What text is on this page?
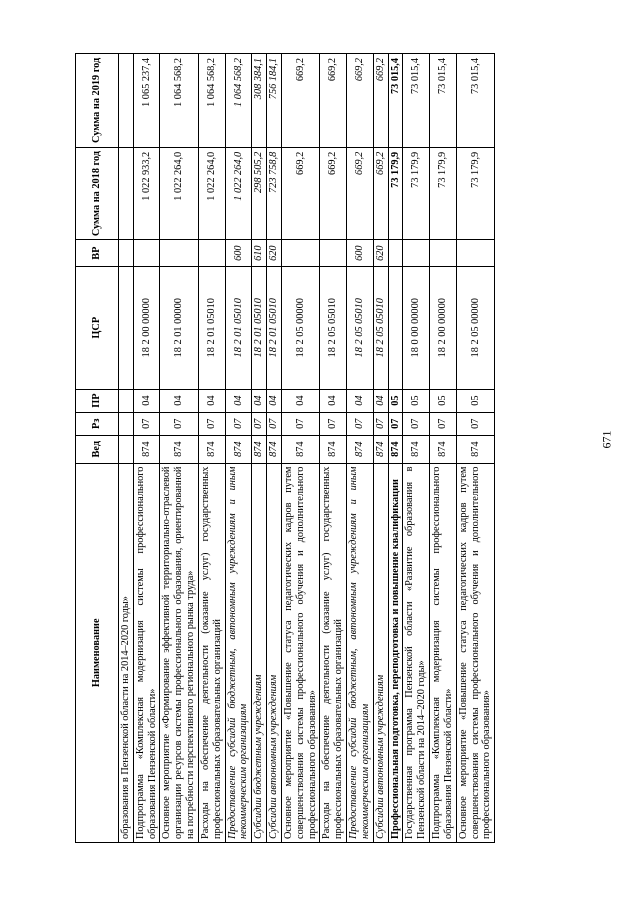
671
Наименование	Вед	Рз	ПР	ЦСР	ВР	Сумма на 2018 год	Сумма на 2019 год
образования в Пензенской области на 2014–2020 годы»							
Подпрограмма «Комплексная модернизация системы профессионального образования Пензенской области»	874	07	04	18 2 00 00000		1 022 933,2	1 065 237,4
Основное мероприятие «Формирование эффективной территориально-отраслевой организации ресурсов системы профессионального образования, ориентированной на потребности перспективного регионального рынка труда»	874	07	04	18 2 01 00000		1 022 264,0	1 064 568,2
Расходы на обеспечение деятельности (оказание услуг) государственных профессиональных образовательных организаций	874	07	04	18 2 01 05010		1 022 264,0	1 064 568,2
Предоставление субсидий бюджетным, автономным учреждениям и иным некоммерческим организациям	874	07	04	18 2 01 05010	600	1 022 264,0	1 064 568,2
Субсидии бюджетным учреждениям	874	07	04	18 2 01 05010	610	298 505,2	308 384,1
Субсидии автономным учреждениям	874	07	04	18 2 01 05010	620	723 758,8	756 184,1
Основное мероприятие «Повышение статуса педагогических кадров путем совершенствования системы профессионального обучения и дополнительного профессионального образования»	874	07	04	18 2 05 00000		669,2	669,2
Расходы на обеспечение деятельности (оказание услуг) государственных профессиональных образовательных организаций	874	07	04	18 2 05 05010		669,2	669,2
Предоставление субсидий бюджетным, автономным учреждениям и иным некоммерческим организациям	874	07	04	18 2 05 05010	600	669,2	669,2
Субсидии автономным учреждениям	874	07	04	18 2 05 05010	620	669,2	669,2
Профессиональная подготовка, переподготовка и повышение квалификации	874	07	05			73 179,9	73 015,4
Государственная программа Пензенской области «Развитие образования в Пензенской области на 2014–2020 годы»	874	07	05	18 0 00 00000		73 179,9	73 015,4
Подпрограмма «Комплексная модернизация системы профессионального образования Пензенской области»	874	07	05	18 2 00 00000		73 179,9	73 015,4
Основное мероприятие «Повышение статуса педагогических кадров путем совершенствования системы профессионального обучения и дополнительного профессионального образования»	874	07	05	18 2 05 00000		73 179,9	73 015,4
